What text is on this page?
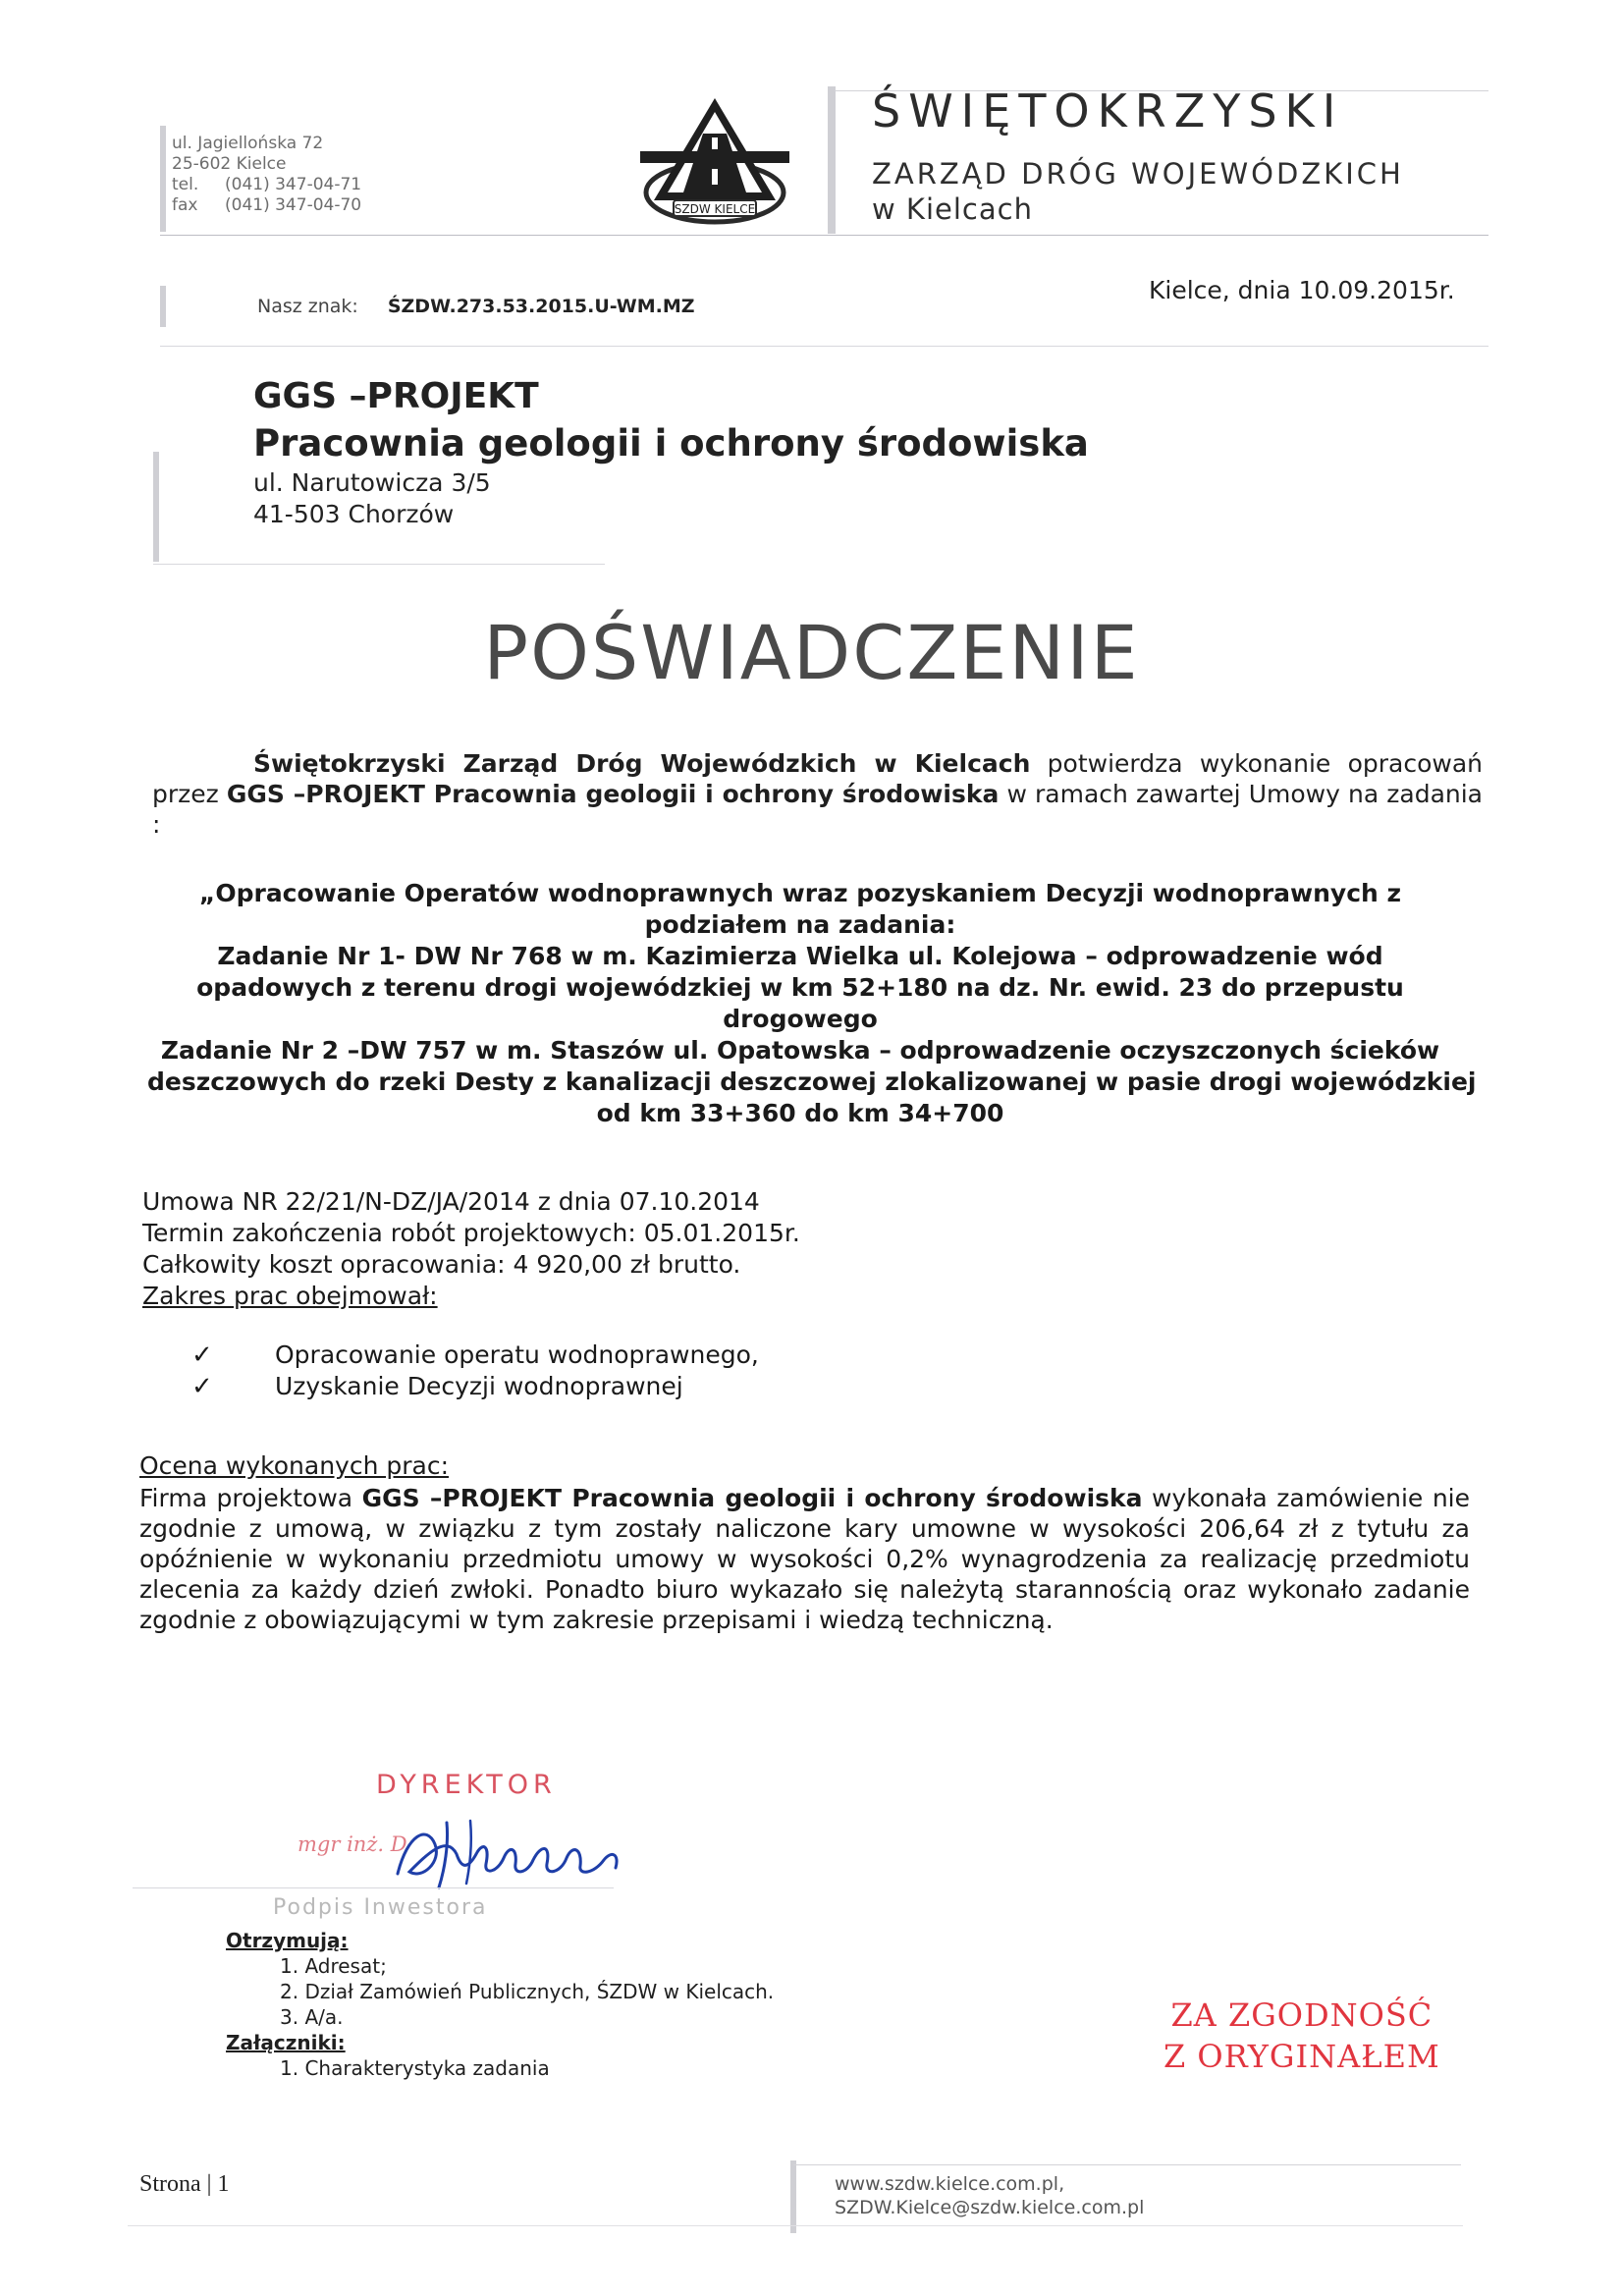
ul. Jagiellońska 72
25-602 Kielce
tel.	(041) 347-04-71
fax	(041) 347-04-70	SZDW KIELCE
ŚWIĘTOKRZYSKI
ZARZĄD DRÓG WOJEWÓDZKICH
w Kielcach
Nasz znak: ŚZDW.273.53.2015.U-WM.MZ
Kielce, dnia 10.09.2015r.
GGS –PROJEKT
Pracownia geologii i ochrony środowiska
ul. Narutowicza 3/5
41-503 Chorzów
POŚWIADCZENIE

Świętokrzyski Zarząd Dróg Wojewódzkich w Kielcach potwierdza wykonanie opracowań przez GGS –PROJEKT Pracownia geologii i ochrony środowiska w ramach zawartej Umowy na zadania :

„Opracowanie Operatów wodnoprawnych wraz pozyskaniem Decyzji wodnoprawnych z
podziałem na zadania:
Zadanie Nr 1- DW Nr 768 w m. Kazimierza Wielka ul. Kolejowa – odprowadzenie wód
opadowych z terenu drogi wojewódzkiej w km 52+180 na dz. Nr. ewid. 23 do przepustu
drogowego
Zadanie Nr 2 –DW 757 w m. Staszów ul. Opatowska – odprowadzenie oczyszczonych ścieków
deszczowych do rzeki Desty z kanalizacji deszczowej zlokalizowanej w pasie drogi wojewódzkiej
od km 33+360 do km 34+700
Umowa NR 22/21/N-DZ/JA/2014 z dnia 07.10.2014
Termin zakończenia robót projektowych: 05.01.2015r.
Całkowity koszt opracowania: 4 920,00 zł brutto.
Zakres prac obejmował:
✓	Opracowanie operatu wodnoprawnego,
✓	Uzyskanie Decyzji wodnoprawnej
Ocena wykonanych prac:
Firma projektowa GGS –PROJEKT Pracownia geologii i ochrony środowiska wykonała zamówienie nie zgodnie z umową, w związku z tym zostały naliczone kary umowne w wysokości 206,64 zł z tytułu za opóźnienie w wykonaniu przedmiotu umowy w wysokości 0,2% wynagrodzenia za realizację przedmiotu zlecenia za każdy dzień zwłoki. Ponadto biuro wykazało się należytą starannością oraz wykonało zadanie zgodnie z obowiązującymi w tym zakresie przepisami i wiedzą techniczną.
DYREKTOR
mgr inż. D
Podpis Inwestora
Otrzymują:
1. Adresat;
2. Dział Zamówień Publicznych, ŚZDW w Kielcach.
3. A/a.
Załączniki:
1. Charakterystyka zadania
ZA ZGODNOŚĆ
Z ORYGINAŁEM
Strona | 1	www.szdw.kielce.com.pl,
SZDW.Kielce@szdw.kielce.com.pl
